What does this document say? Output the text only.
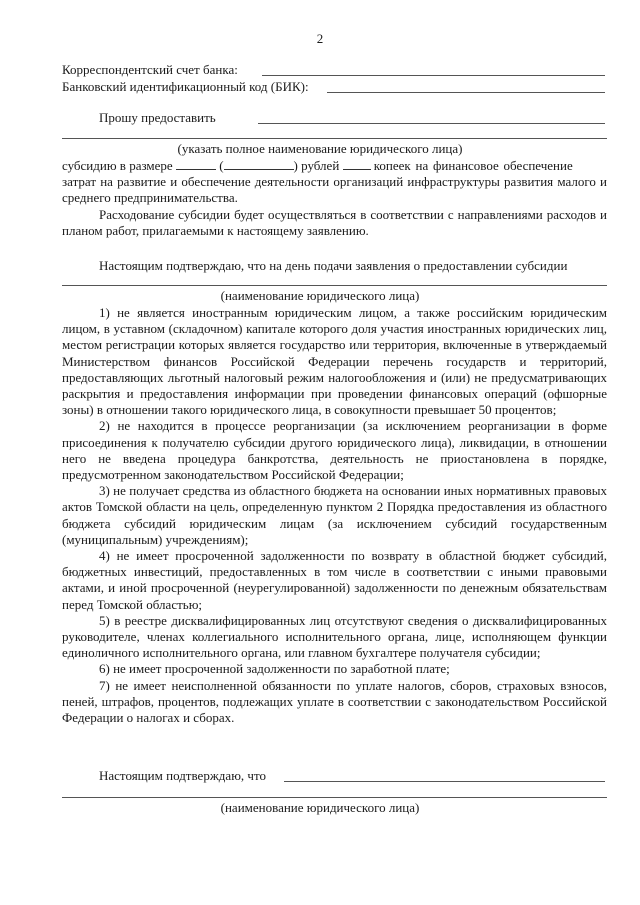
2
Корреспондентский счет банка:
Банковский идентификационный код (БИК):
Прошу предоставить
(указать полное наименование юридического лица)
субсидию в размере	(	) рублей	копеек на финансовое обеспечение
затрат на развитие и обеспечение деятельности организаций инфраструктуры развития малого и среднего предпринимательства.
Расходование субсидии будет осуществляться в соответствии с направлениями расходов и планом работ, прилагаемыми к настоящему заявлению.
Настоящим подтверждаю, что на день подачи заявления о предоставлении субсидии
(наименование юридического лица)
1) не является иностранным юридическим лицом, а также российским юридическим лицом, в уставном (складочном) капитале которого доля участия иностранных юридических лиц, местом регистрации которых является государство или территория, включенные в утверждаемый Министерством финансов Российской Федерации перечень государств и территорий, предоставляющих льготный налоговый режим налогообложения и (или) не предусматривающих раскрытия и предоставления информации при проведении финансовых операций (офшорные зоны) в отношении такого юридического лица, в совокупности превышает 50 процентов;
2) не находится в процессе реорганизации (за исключением реорганизации в форме присоединения к получателю субсидии другого юридического лица), ликвидации, в отношении него не введена процедура банкротства, деятельность не приостановлена в порядке, предусмотренном законодательством Российской Федерации;
3) не получает средства из областного бюджета на основании иных нормативных правовых актов Томской области на цель, определенную пунктом 2 Порядка предоставления из областного бюджета субсидий юридическим лицам (за исключением субсидий государственным (муниципальным) учреждениям);
4) не имеет просроченной задолженности по возврату в областной бюджет субсидий, бюджетных инвестиций, предоставленных в том числе в соответствии с иными правовыми актами, и иной просроченной (неурегулированной) задолженности по денежным обязательствам перед Томской областью;
5) в реестре дисквалифицированных лиц отсутствуют сведения о дисквалифицированных руководителе, членах коллегиального исполнительного органа, лице, исполняющем функции единоличного исполнительного органа, или главном бухгалтере получателя субсидии;
6) не имеет просроченной задолженности по заработной плате;
7) не имеет неисполненной обязанности по уплате налогов, сборов, страховых взносов, пеней, штрафов, процентов, подлежащих уплате в соответствии с законодательством Российской Федерации о налогах и сборах.
Настоящим подтверждаю, что
(наименование юридического лица)
